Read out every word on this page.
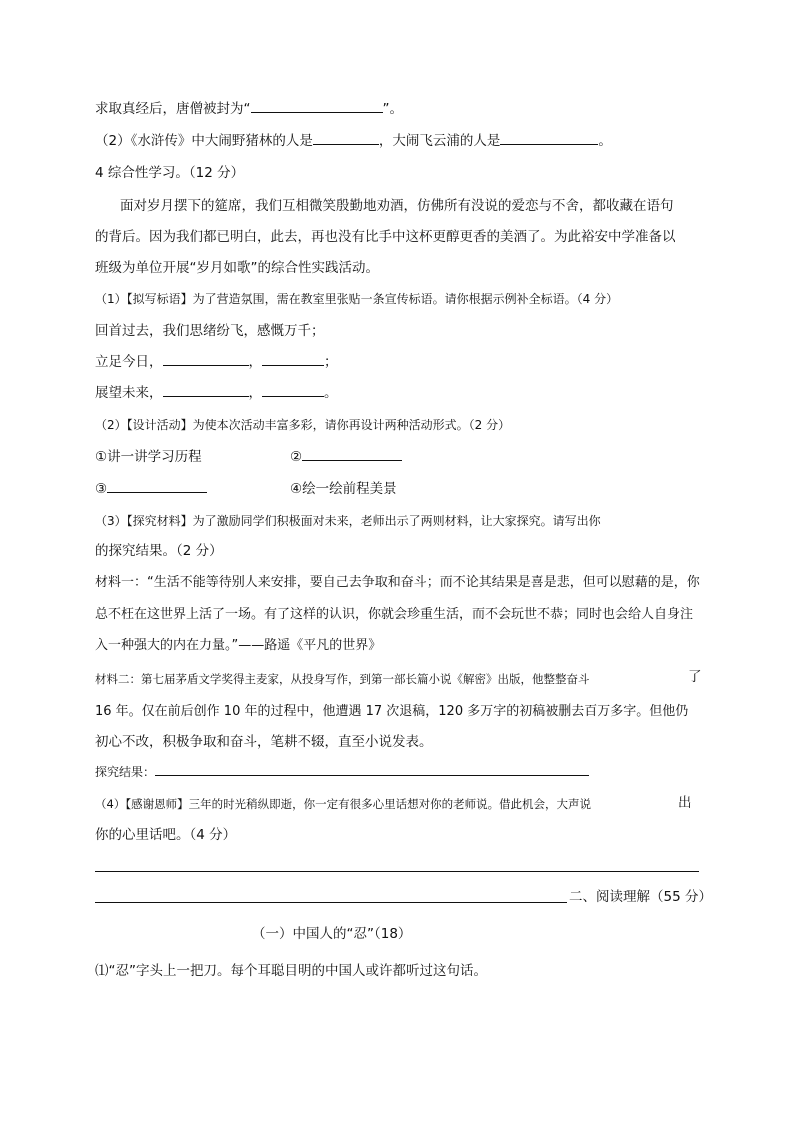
求取真经后，唐僧被封为“	”。
（2）《水浒传》中大闹野猪林的人是	，大闹飞云浦的人是	。
4 综合性学习。（12 分）
面对岁月摆下的筵席，我们互相微笑殷勤地劝酒，仿佛所有没说的爱恋与不舍，都收藏在语句
的背后。因为我们都已明白，此去，再也没有比手中这杯更醇更香的美酒了。为此裕安中学准备以
班级为单位开展“岁月如歌”的综合性实践活动。
（1）【拟写标语】为了营造氛围，需在教室里张贴一条宣传标语。请你根据示例补全标语。（4 分）
回首过去，我们思绪纷飞，感慨万千；
立足今日，	，	；
展望未来，	，	。
（2）【设计活动】为使本次活动丰富多彩，请你再设计两种活动形式。（2 分）
①讲一讲学习历程	②
③	④绘一绘前程美景
（3）【探究材料】为了激励同学们积极面对未来，老师出示了两则材料，让大家探究。请写出你
的探究结果。（2 分）
材料一：“生活不能等待别人来安排，要自己去争取和奋斗；而不论其结果是喜是悲，但可以慰藉的是，你
总不枉在这世界上活了一场。有了这样的认识，你就会珍重生活，而不会玩世不恭；同时也会给人自身注
入一种强大的内在力量。”——路遥《平凡的世界》
材料二：第七届茅盾文学奖得主麦家，从投身写作，到第一部长篇小说《解密》出版，他整整奋斗	了
16 年。仅在前后创作 10 年的过程中，他遭遇 17 次退稿，120 多万字的初稿被删去百万多字。但他仍
初心不改，积极争取和奋斗，笔耕不辍，直至小说发表。
探究结果：
（4）【感谢恩师】三年的时光稍纵即逝，你一定有很多心里话想对你的老师说。借此机会，大声说	出
你的心里话吧。（4 分）
二、阅读理解（55 分）
（一）中国人的“忍”（18）
⑴“忍”字头上一把刀。每个耳聪目明的中国人或许都听过这句话。
